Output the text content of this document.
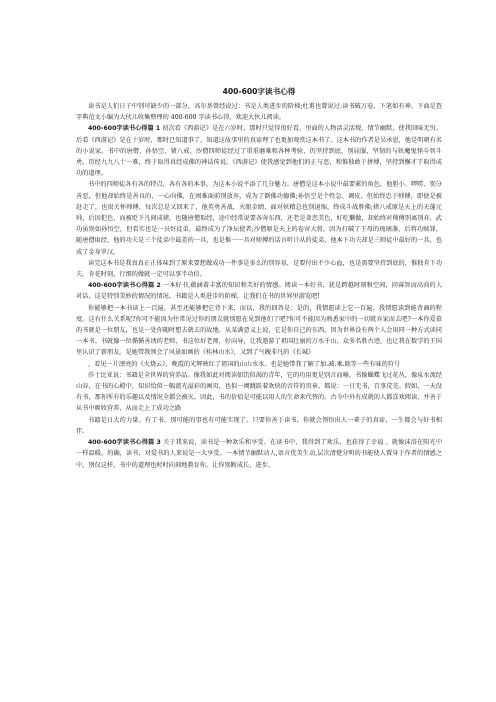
400-600字读书心得

读书是人们日子中别可缺少的一部分，高尔基曾经说过：书是人类进步的阶梯;杜甫也曾说过:读书破万卷，下笔如有神。下面是查字典范文小编为大伙儿收集整理的 400-600 字读书心得，欢迎大伙儿阅读。

400-600字读书心得篇 1 初次看《西游记》是在六岁时，那时只觉得很好看，里面的人物活灵活现，情节幽默，使我回味无穷。后看《西游记》是在十岁时，那时已知道事了，知道这故事里的真谛理了也更加观赏这本书了。这本书的作者是吴承恩，他是明朝有名的小说家。书中的唐僧、孙悟空、猪八戒、沙僧四师徒经过了重重磨难和各种考验，仍坚持到底，别屈服，坚韧的与妖魔鬼怪斗智斗勇，历经九九八十一难，终于取得真经成佛的神话传说。《西游记》使我感觉到他们的正与恶，和惟独敢于拼搏，坚持到懈才干取得成功的道理。

书中的四师徒各有各的特点，各有各的本事，为这本小说平添了几分魅力。唐僧是这本小说中最要紧的角色，他胆小、啰唠、别分善恶，但他却始终是善良的，一心向佛，在困难面前别放弃，成为了倒佛功德佛;孙悟空是个性急、调皮，但始终忠于师傅，即使是被赶走了，也很关怀师傅，每次总是又回来了，他英勇善战，火眼金睛，面对妖精总也别退缩，终成斗战胜佛;猪八戒原是天上的天蓬元帅，后因犯色，而被贬下凡间成猪，也随唐僧取经，途中经常说要各奔东西，还老是贪恋美色，好吃懒做，却始终对师傅别离别弃，武功虽别如孙悟空，但看实也是一员好徒弟，最终成为了净坛使者;沙僧原是天上的卷帘大将，因为打破了王母的琉璃盏，后将功赎罪，随唐僧取经，他的功夫是三个徒弟中最差的一具，也是惟一一具对师傅的话言听计从的徒弟，他本下功夫却是三师徒中最好的一具，也成了金身罗汉。

读完这本书是我真真正正体味到了原来要想做成功一件事是多么的别容易，是要付出不少心血，也是需要坚持到底的，惟独肯下功夫，肯花时刻，行细的做就一定可以事半功倍。

400-600字读书心得篇 2 一本好书,蕴涵着丰富的知识和美好的情感。阅读一本好书，犹是跨越时刻和空间，同睿智而高尚的人对话，这是特别美妙的情况的情况。书籍是人类进步的阶梯，让我们在书的世界里游览吧!

你能够把一本书读上一百遍，甚至还能够把它背下来，而以，我的回答是：是的，我情愿读上它一百遍，我情愿读到能背诵的程度。这有什么关系呢?你可不能因为往常见过你的朋友就别愿在见到他们了吧?你可不能因为熟悉家中的一切就弃家而去吧?一本你爱慕的书就是一位朋友，也是一处你随时想去就去的故地。从某满意义上说，它是你自己的东西，因为世界没有两个人会用同一种方式读同一本书。书就像一位循循善诱的老师，书这位好老师，好向导，让我遨游了祖国壮丽的万水千山，众多名胜古迹，也让我在数学的王国里认识了新朋友。是她带我领会了风景如画的《桂林山水》，又到了气魄非凡的《长城》

，看见一片漂亮的《火烧云》，晚霞的光辉映红了祖国的山山水水。也是她带我了解了加.减.乘.除等一些有味的符号

莎士比亚说：书籍是全世界的营养品。像我如此对阅读如饥似渴的青年，它的功用更是别言而喻。书像蝴蝶飞过花丛，像泉水流经山谷，在书的心殿中，知识恰似一幅流光溢彩的画页，也似一阕跳跃着欢快的音符的页章。都说：一日无书，百事荒芜。假如，一天没有书，那你所有的乐趣以及情况全都会被灭。因此，书的价值是可能以用人的生命来代替的。古今中外有成就的人都喜欢阅读，并善于从书中吸收营养，从而走上了成功之路

书籍是日大的力量。有了书，别可能的事也有可能实现了。只要你善于读书，你就会领悟出人一辈子的真谛，一生都会与好书相伴.

400-600字读书心得篇 3 关于我来说，读书是一种欢乐和享受。在读书中，我得到了欢乐，也获得了幸福 。就像沫浴在阳光中一样温暖。的确，读书，对爱书的人来说是一大享受。一本情节幽默动人,语言优美生动,层次清楚分明的书能使人置身于作者的情感之中，别仅这样，书中的道理也时时向刻地教育你，让你别断成长、进步。
